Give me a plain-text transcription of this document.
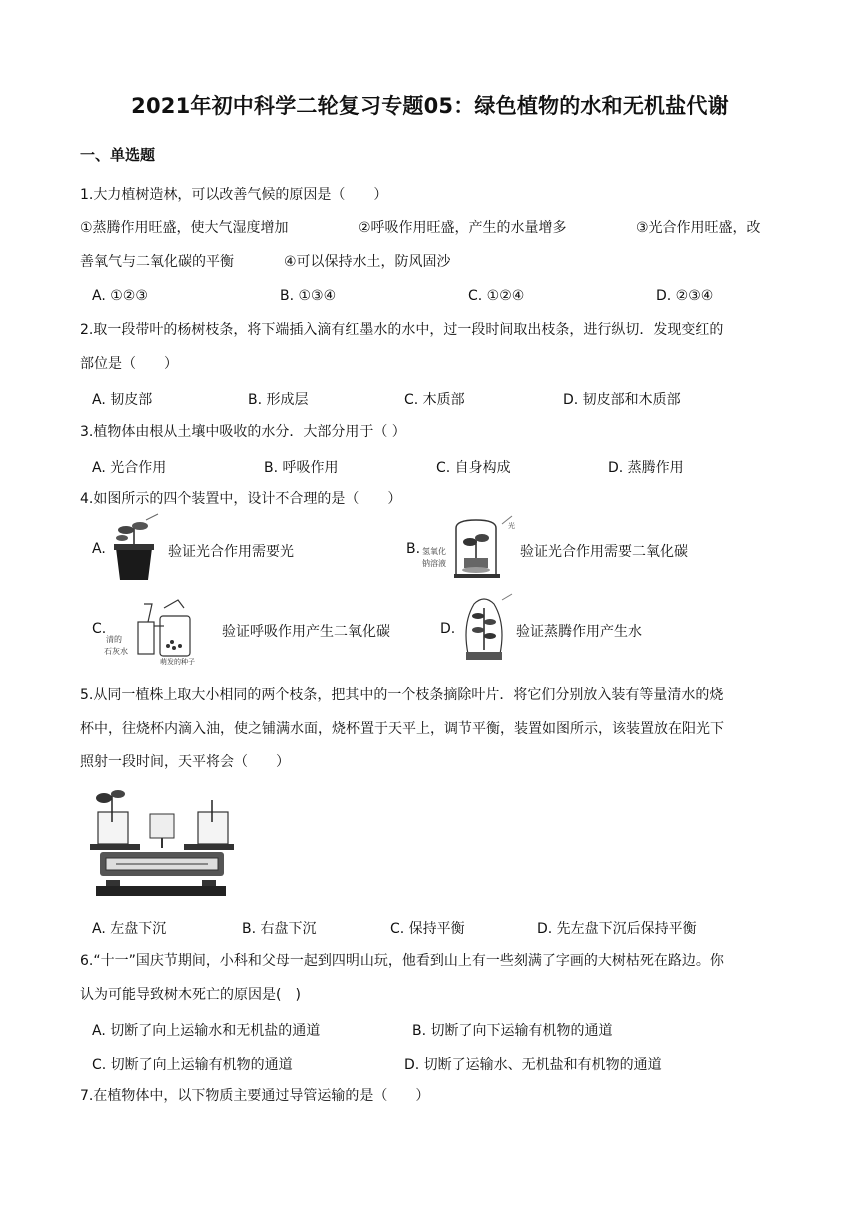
2021年初中科学二轮复习专题05：绿色植物的水和无机盐代谢
一、单选题
1.大力植树造林，可以改善气候的原因是（　　）
①蒸腾作用旺盛，使大气湿度增加	②呼吸作用旺盛，产生的水量增多	③光合作用旺盛，改
善氧气与二氧化碳的平衡	④可以保持水土，防风固沙
A. ①②③	B. ①③④	C. ①②④	D. ②③④
2.取一段带叶的杨树枝条，将下端插入滴有红墨水的水中，过一段时间取出枝条，进行纵切．发现变红的
部位是（　　）
A. 韧皮部	B. 形成层	C. 木质部	D. 韧皮部和木质部
3.植物体由根从土壤中吸收的水分．大部分用于（ ）
A. 光合作用	B. 呼吸作用	C. 自身构成	D. 蒸腾作用
4.如图所示的四个装置中，设计不合理的是（　　）
A.	验证光合作用需要光	B.
光
氢氧化
钠溶液
验证光合作用需要二氧化碳
C.
清的
石灰水
萌发的种子
验证呼吸作用产生二氧化碳	D.	验证蒸腾作用产生水
5.从同一植株上取大小相同的两个枝条，把其中的一个枝条摘除叶片．将它们分别放入装有等量清水的烧
杯中，往烧杯内滴入油，使之铺满水面，烧杯置于天平上，调节平衡，装置如图所示，该装置放在阳光下
照射一段时间，天平将会（　　）
A. 左盘下沉	B. 右盘下沉	C. 保持平衡	D. 先左盘下沉后保持平衡
6.“十一”国庆节期间，小科和父母一起到四明山玩，他看到山上有一些刻满了字画的大树枯死在路边。你
认为可能导致树木死亡的原因是(　)
A. 切断了向上运输水和无机盐的通道	B. 切断了向下运输有机物的通道
C. 切断了向上运输有机物的通道	D. 切断了运输水、无机盐和有机物的通道
7.在植物体中，以下物质主要通过导管运输的是（　　）
